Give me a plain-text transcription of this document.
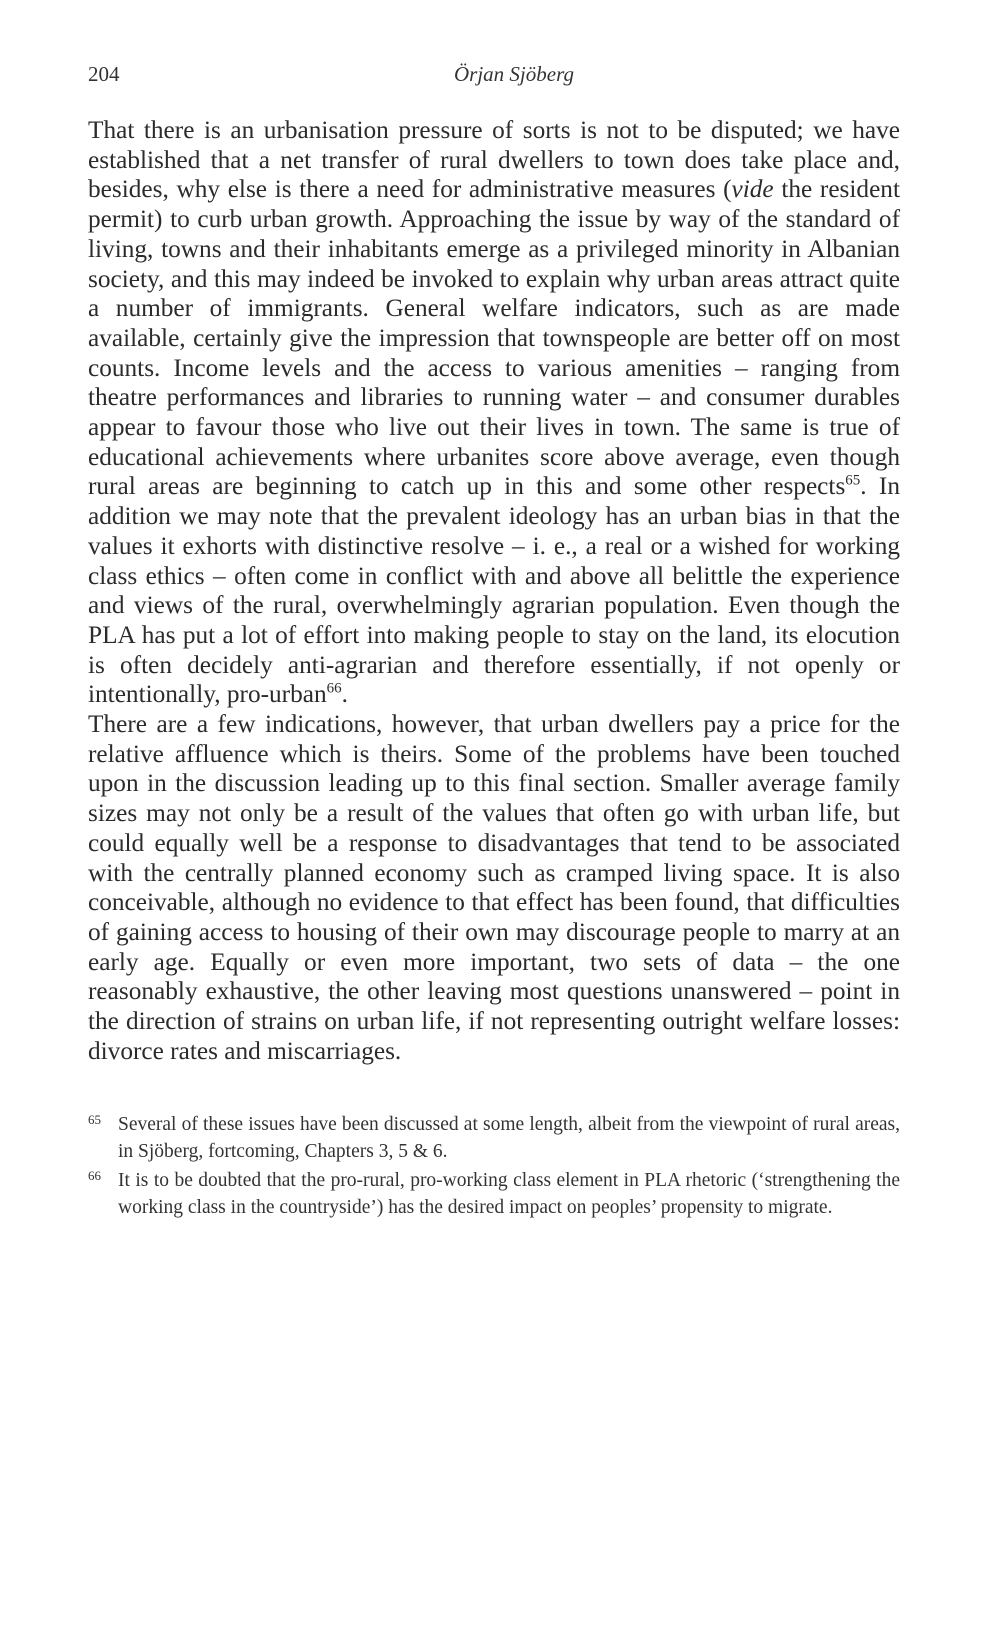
204	Örjan Sjöberg

That there is an urbanisation pressure of sorts is not to be disputed; we have established that a net transfer of rural dwellers to town does take place and, besides, why else is there a need for administrative measures (vide the resident permit) to curb urban growth. Approaching the issue by way of the standard of living, towns and their inhabitants emerge as a privileged minority in Albanian society, and this may indeed be invoked to explain why urban areas attract quite a number of immigrants. General welfare indicators, such as are made available, certainly give the impression that townspeople are better off on most counts. Income levels and the access to various amenities – ranging from theatre performances and libraries to running water – and consumer durables appear to favour those who live out their lives in town. The same is true of educational achievements where urbanites score above average, even though rural areas are beginning to catch up in this and some other respects$^{65}$. In addition we may note that the prevalent ideology has an urban bias in that the values it exhorts with distinctive resolve – i. e., a real or a wished for working class ethics – often come in conflict with and above all belittle the experience and views of the rural, overwhelmingly agrarian population. Even though the PLA has put a lot of effort into making people to stay on the land, its elocution is often decidely anti-agrarian and therefore essentially, if not openly or intentionally, pro-urban$^{66}$.

There are a few indications, however, that urban dwellers pay a price for the relative affluence which is theirs. Some of the problems have been touched upon in the discussion leading up to this final section. Smaller average family sizes may not only be a result of the values that often go with urban life, but could equally well be a response to disadvantages that tend to be associated with the centrally planned economy such as cramped living space. It is also conceivable, although no evidence to that effect has been found, that difficulties of gaining access to housing of their own may discourage people to marry at an early age. Equally or even more important, two sets of data – the one reasonably exhaustive, the other leaving most questions unanswered – point in the direction of strains on urban life, if not representing outright welfare losses: divorce rates and miscarriages.

65 Several of these issues have been discussed at some length, albeit from the viewpoint of rural areas, in Sjöberg, fortcoming, Chapters 3, 5 & 6.
66 It is to be doubted that the pro-rural, pro-working class element in PLA rhetoric (‘strengthening the working class in the countryside’) has the desired impact on peoples’ propensity to migrate.
